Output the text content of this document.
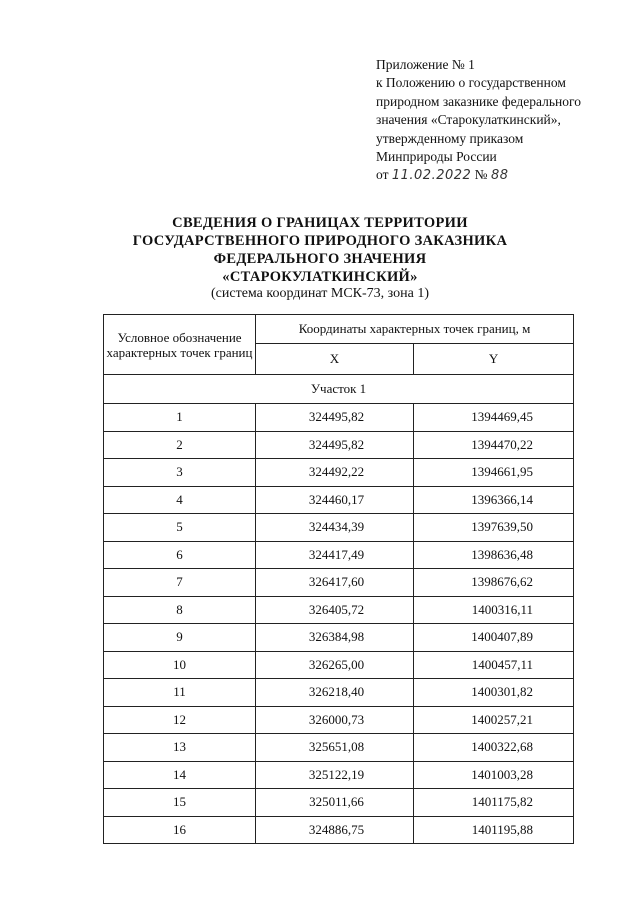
Приложение № 1
к Положению о государственном
природном заказнике федерального
значения «Старокулаткинский»,
утвержденному приказом
Минприроды России
от 11.02.2022 № 88
СВЕДЕНИЯ О ГРАНИЦАХ ТЕРРИТОРИИ
ГОСУДАРСТВЕННОГО ПРИРОДНОГО ЗАКАЗНИКА
ФЕДЕРАЛЬНОГО ЗНАЧЕНИЯ
«СТАРОКУЛАТКИНСКИЙ»
(система координат МСК-73, зона 1)
Условное обозначение характерных точек границ	Координаты характерных точек границ, м	
	X	Y
Участок 1		
1	324495,82	1394469,45
2	324495,82	1394470,22
3	324492,22	1394661,95
4	324460,17	1396366,14
5	324434,39	1397639,50
6	324417,49	1398636,48
7	326417,60	1398676,62
8	326405,72	1400316,11
9	326384,98	1400407,89
10	326265,00	1400457,11
11	326218,40	1400301,82
12	326000,73	1400257,21
13	325651,08	1400322,68
14	325122,19	1401003,28
15	325011,66	1401175,82
16	324886,75	1401195,88
